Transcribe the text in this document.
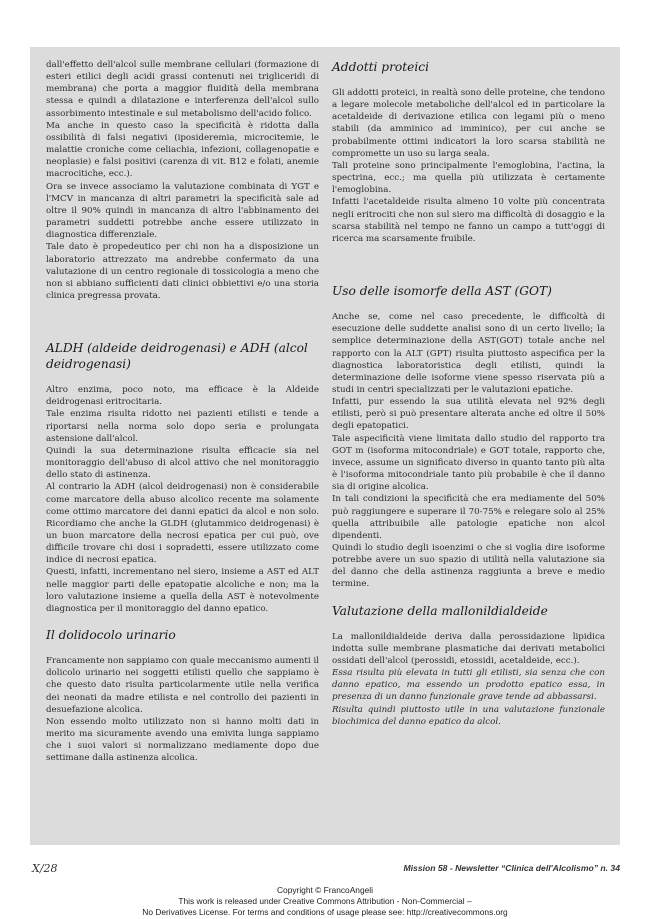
dall'effetto dell'alcol sulle membrane cellulari (formazione di esteri etilici degli acidi grassi contenuti nei trigliceridi di membrana) che porta a maggior fluidità della membrana stessa e quindi a dilatazione e interferenza dell'alcol sullo assorbimento intestinale e sul metabolismo dell'acido folico.

Ma anche in questo caso la specificità è ridotta dalla ossibilità di falsi negativi (iposideremia, microcitemie, le malattie croniche come celiachia, infezioni, collagenopatie e neoplasie) e falsi positivi (carenza di vit. B12 e folati, anemie macrocitiche, ecc.).

Ora se invece associamo la valutazione combinata di YGT e l'MCV in mancanza di altri parametri la specificità sale ad oltre il 90% quindi in mancanza di altro l'abbinamento dei parametri suddetti potrebbe anche essere utilizzato in diagnostica differenziale.

Tale dato è propedeutico per chi non ha a disposizione un laboratorio attrezzato ma andrebbe confermato da una valutazione di un centro regionale di tossicologia a meno che non si abbiano sufficienti dati clinici obbiettivi e/o una storia clinica pregressa provata.

ALDH (aldeide deidrogenasi) e ADH (alcol deidrogenasi)

Altro enzima, poco noto, ma efficace è la Aldeide deidrogenasi eritrocitaria.

Tale enzima risulta ridotto nei pazienti etilisti e tende a riportarsi nella norma solo dopo seria e prolungata astensione dall'alcol.

Quindi la sua determinazione risulta efficacie sia nel monitoraggio dell'abuso di alcol attivo che nel monitoraggio dello stato di astinenza.

Al contrario la ADH (alcol deidrogenasi) non è considerabile come marcatore della abuso alcolico recente ma solamente come ottimo marcatore dei danni epatici da alcol e non solo. Ricordiamo che anche la GLDH (glutammico deidrogenasi) è un buon marcatore della necrosi epatica per cui può, ove difficile trovare chi dosi i sopradetti, essere utilizzato come indice di necrosi epatica.

Questi, infatti, incrementano nel siero, insieme a AST ed ALT nelle maggior parti delle epatopatie alcoliche e non; ma la loro valutazione insieme a quella della AST è notevolmente diagnostica per il monitoraggio del danno epatico.

Il dolidocolo urinario

Francamente non sappiamo con quale meccanismo aumenti il dolicolo urinario nei soggetti etilisti quello che sappiamo è che questo dato risulta particolarmente utile nella verifica dei neonati da madre etilista e nel controllo dei pazienti in desuefazione alcolica.

Non essendo molto utilizzato non si hanno molti dati in merito ma sicuramente avendo una emivita lunga sappiamo che i suoi valori si normalizzano mediamente dopo due settimane dalla astinenza alcolica.

Addotti proteici

Gli addotti proteici, in realtà sono delle proteine, che tendono a legare molecole metaboliche dell'alcol ed in particolare la acetaldeide di derivazione etilica con legami più o meno stabili (da amminico ad imminico), per cui anche se probabilmente ottimi indicatori la loro scarsa stabilità ne compromette un uso su larga seala.

Tali proteine sono principalmente l'emoglobina, l'actina, la spectrina, ecc.; ma quella più utilizzata è certamente l'emoglobina.

Infatti l'acetaldeide risulta almeno 10 volte più concentrata negli eritrociti che non sul siero ma difficoltà di dosaggio e la scarsa stabilità nel tempo ne fanno un campo a tutt'oggi di ricerca ma scarsamente fruibile.

Uso delle isomorfe della AST (GOT)

Anche se, come nel caso precedente, le difficoltà di esecuzione delle suddette analisi sono di un certo livello; la semplice determinazione della AST(GOT) totale anche nel rapporto con la ALT (GPT) risulta piuttosto aspecifica per la diagnostica laboratoristica degli etilisti, quindi la determinazione delle isoforme viene spesso riservata più a studi in centri specializzati per le valutazioni epatiche.

Infatti, pur essendo la sua utilità elevata nel 92% degli etilisti, però si può presentare alterata anche ed oltre il 50% degli epatopatici.

Tale aspecificità viene limitata dallo studio del rapporto tra GOT m (isoforma mitocondriale) e GOT totale, rapporto che, invece, assume un significato diverso in quanto tanto più alta è l'isoforma mitocondriale tanto più probabile è che il danno sia di origine alcolica.

In tali condizioni la specificità che era mediamente del 50% può raggiungere e superare il 70-75% e relegare solo al 25% quella attribuibile alle patologie epatiche non alcol dipendenti.

Quindi lo studio degli isoenzimi o che si voglia dire isoforme potrebbe avere un suo spazio di utilità nella valutazione sia del danno che della astinenza raggiunta a breve e medio termine.

Valutazione della mallonildialdeide

La mallonildialdeide deriva dalla perossidazione lipidica indotta sulle membrane plasmatiche dai derivati metabolici ossidati dell'alcol (perossidi, etossidi, acetaldeide, ecc.).

Essa risulta più elevata in tutti gli etilisti, sia senza che con danno epatico, ma essendo un prodotto epatico essa, in presenza di un danno funzionale grave tende ad abbassarsi.

Risulta quindi piuttosto utile in una valutazione funzionale biochimica del danno epatico da alcol.

X/28	Mission 58 - Newsletter “Clinica dell'Alcolismo” n. 34
Copyright © FrancoAngeli
This work is released under Creative Commons Attribution - Non-Commercial –
No Derivatives License. For terms and conditions of usage please see: http://creativecommons.org
